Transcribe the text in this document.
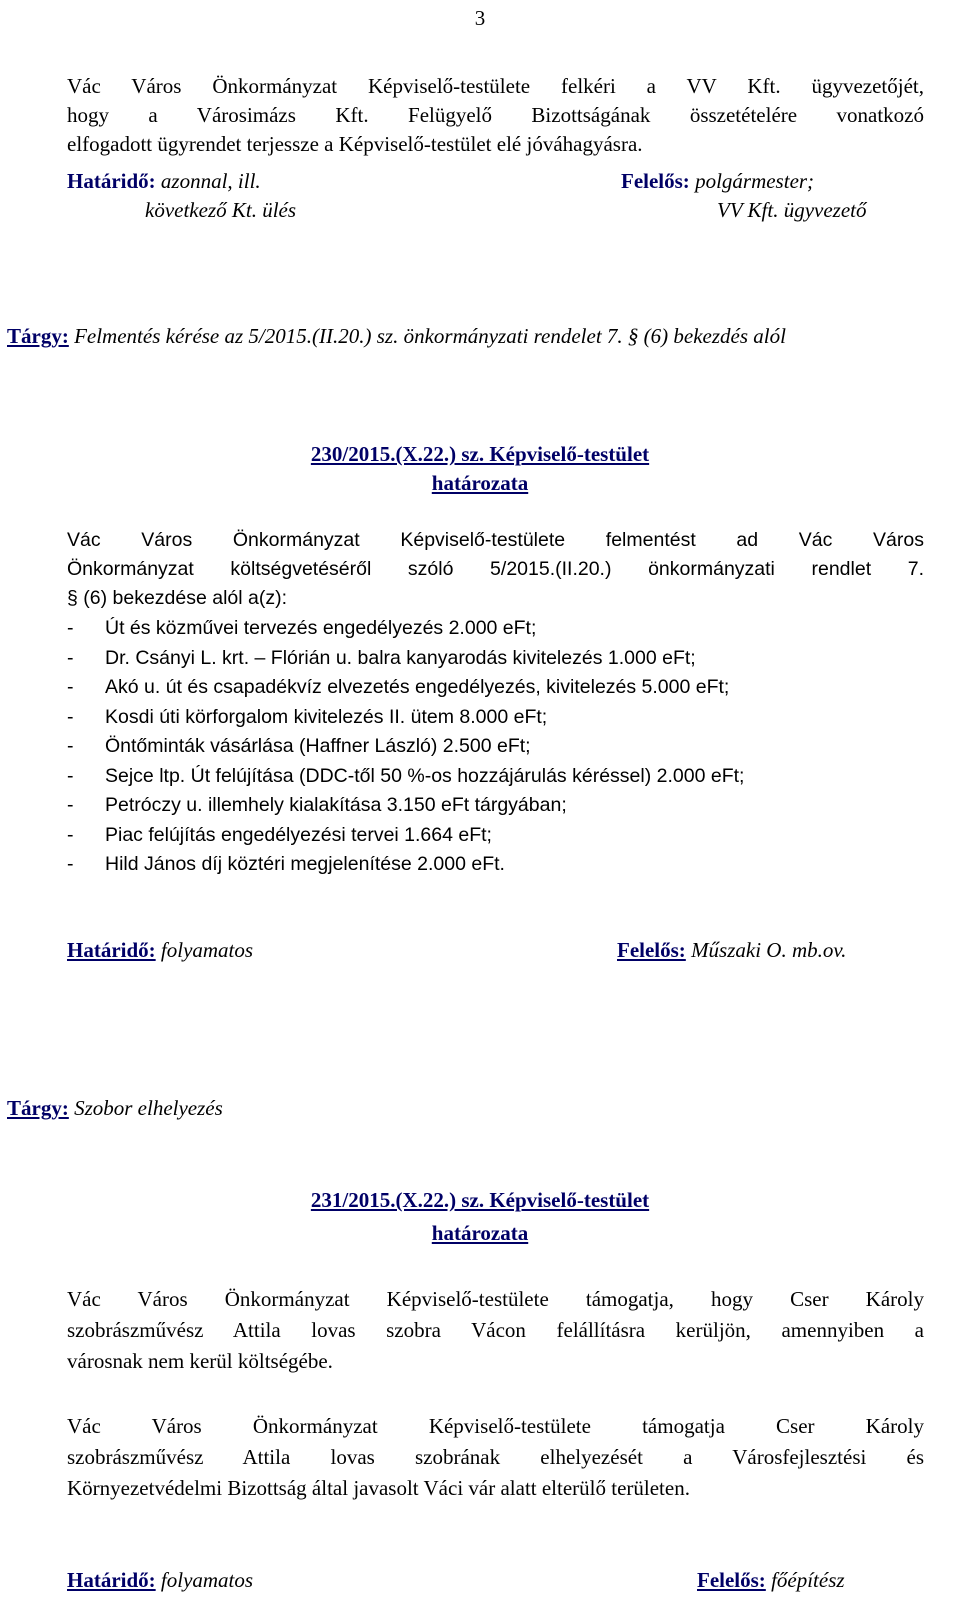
3
Vác Város Önkormányzat Képviselő-testülete felkéri a VV Kft. ügyvezetőjét,
hogy a Városimázs Kft. Felügyelő Bizottságának összetételére vonatkozó
elfogadott ügyrendet terjessze a Képviselő-testület elé jóváhagyásra.
Határidő: azonnal, ill.
következő Kt. ülés
Felelős: polgármester;
VV Kft. ügyvezető
Tárgy: Felmentés kérése az 5/2015.(II.20.) sz. önkormányzati rendelet 7. § (6) bekezdés alól
230/2015.(X.22.) sz. Képviselő-testület
határozata
Vác Város Önkormányzat Képviselő-testülete felmentést ad Vác Város
Önkormányzat költségvetéséről szóló 5/2015.(II.20.) önkormányzati rendlet 7.
§ (6) bekezdése alól a(z):
-	Út és közművei tervezés engedélyezés 2.000 eFt;
-	Dr. Csányi L. krt. – Flórián u. balra kanyarodás kivitelezés 1.000 eFt;
-	Akó u. út és csapadékvíz elvezetés engedélyezés, kivitelezés 5.000 eFt;
-	Kosdi úti körforgalom kivitelezés II. ütem 8.000 eFt;
-	Öntőminták vásárlása (Haffner László) 2.500 eFt;
-	Sejce ltp. Út felújítása (DDC-től 50 %-os hozzájárulás kéréssel) 2.000 eFt;
-	Petróczy u. illemhely kialakítása 3.150 eFt tárgyában;
-	Piac felújítás engedélyezési tervei 1.664 eFt;
-	Hild János díj köztéri megjelenítése 2.000 eFt.
Határidő: folyamatos	Felelős: Műszaki O. mb.ov.
Tárgy: Szobor elhelyezés
231/2015.(X.22.) sz. Képviselő-testület
határozata
Vác Város Önkormányzat Képviselő-testülete támogatja, hogy Cser Károly
szobrászművész Attila lovas szobra Vácon felállításra kerüljön, amennyiben a
városnak nem kerül költségébe.
Vác Város Önkormányzat Képviselő-testülete támogatja Cser Károly
szobrászművész Attila lovas szobrának elhelyezését a Városfejlesztési és
Környezetvédelmi Bizottság által javasolt Váci vár alatt elterülő területen.
Határidő: folyamatos	Felelős: főépítész
